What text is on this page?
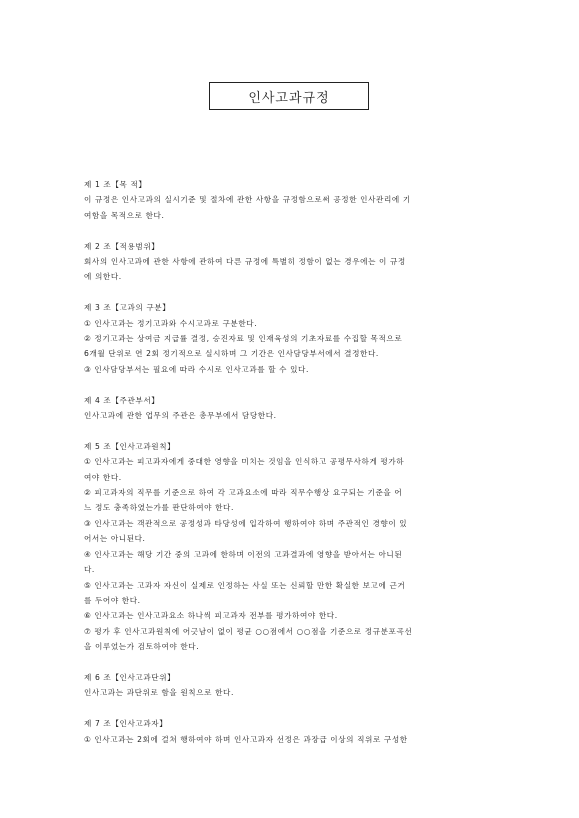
인사고과규정

제 1 조【목 적】

이 규정은 인사고과의 실시기준 및 절차에 관한 사항을 규정함으로써 공정한 인사관리에 기

여함을 목적으로 한다.

제 2 조【적용범위】

회사의 인사고과에 관한 사항에 관하여 다른 규정에 특별히 정함이 없는 경우에는 이 규정

에 의한다.

제 3 조【고과의 구분】

① 인사고과는 정기고과와 수시고과로 구분한다.

② 정기고과는 상여금 지급률 결정, 승진자료 및 인재육성의 기초자료를 수집할 목적으로

6개월 단위로 연 2회 정기적으로 실시하며 그 기간은 인사담당부서에서 결정한다.

③ 인사담당부서는 필요에 따라 수시로 인사고과를 할 수 있다.

제 4 조【주관부서】

인사고과에 관한 업무의 주관은 총무부에서 담당한다.

제 5 조【인사고과원칙】

① 인사고과는 피고과자에게 중대한 영향을 미치는 것임을 인식하고 공평무사하게 평가하

여야 한다.

② 피고과자의 직무를 기준으로 하여 각 고과요소에 따라 직무수행상 요구되는 기준을 어

느 정도 충족하였는가를 판단하여야 한다.

③ 인사고과는 객관적으로 공정성과 타당성에 입각하여 행하여야 하며 주관적인 경향이 있

어서는 아니된다.

④ 인사고과는 해당 기간 중의 고과에 한하며 이전의 고과결과에 영향을 받아서는 아니된

다.

⑤ 인사고과는 고과자 자신이 실제로 인정하는 사실 또는 신뢰할 만한 확실한 보고에 근거

를 두어야 한다.

⑥ 인사고과는 인사고과요소 하나씩 피고과자 전부를 평가하여야 한다.

⑦ 평가 후 인사고과원칙에 어긋남이 없이 평균 ○○점에서 ○○점을 기준으로 정규분포곡선

을 이루었는가 검토하여야 한다.

제 6 조【인사고과단위】

인사고과는 과단위로 함을 원칙으로 한다.

제 7 조【인사고과자】

① 인사고과는 2회에 걸쳐 행하여야 하며 인사고과자 선정은 과장급 이상의 직위로 구성한
